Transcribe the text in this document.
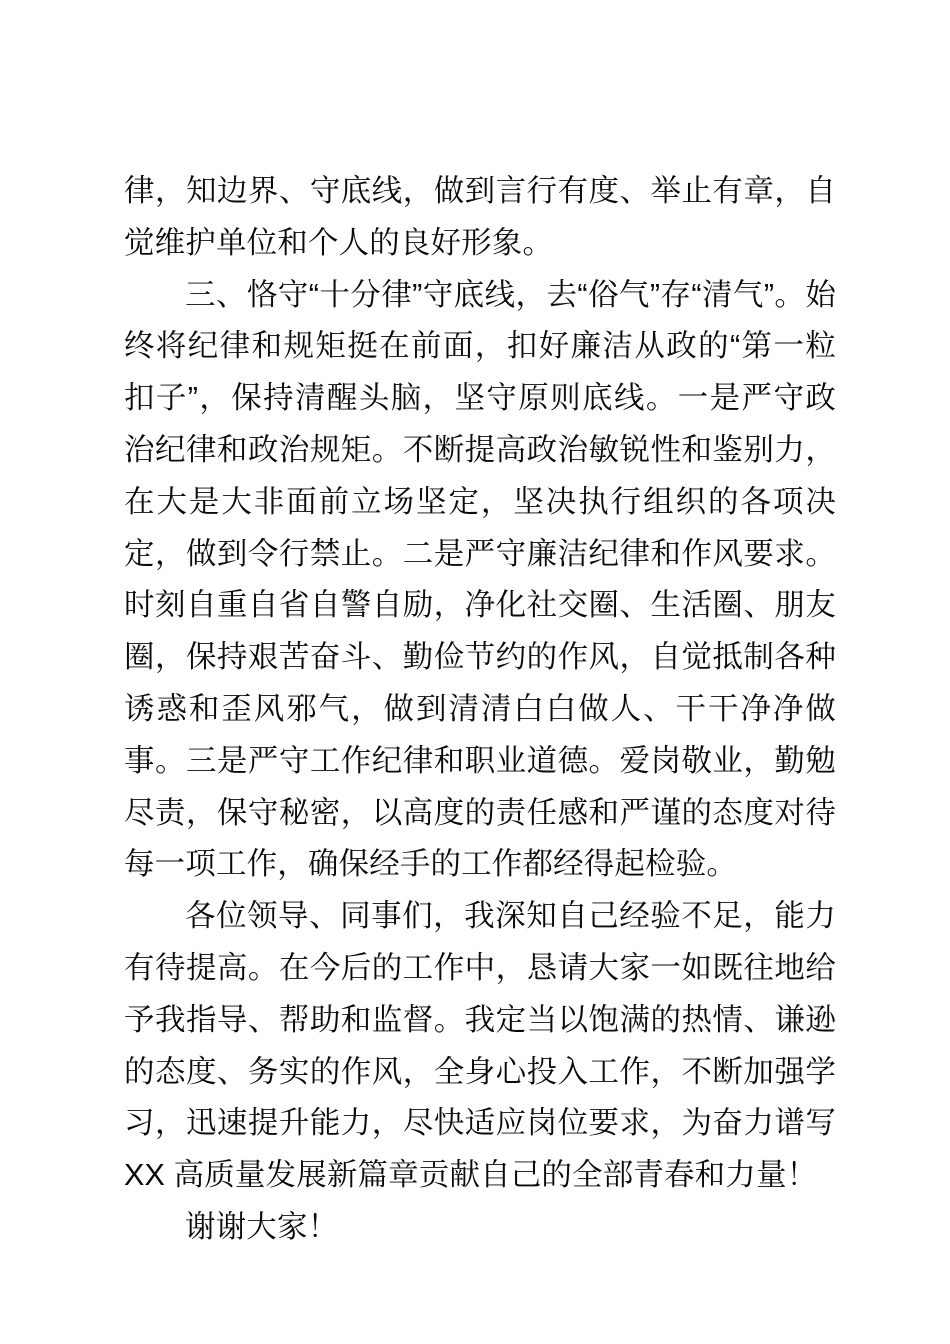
律，知边界、守底线，做到言行有度、举止有章，自觉维护单位和个人的良好形象。

三、恪守“十分律”守底线，去“俗气”存“清气”。始终将纪律和规矩挺在前面，扣好廉洁从政的“第一粒扣子”，保持清醒头脑，坚守原则底线。一是严守政治纪律和政治规矩。不断提高政治敏锐性和鉴别力，在大是大非面前立场坚定，坚决执行组织的各项决定，做到令行禁止。二是严守廉洁纪律和作风要求。时刻自重自省自警自励，净化社交圈、生活圈、朋友圈，保持艰苦奋斗、勤俭节约的作风，自觉抵制各种诱惑和歪风邪气，做到清清白白做人、干干净净做事。三是严守工作纪律和职业道德。爱岗敬业，勤勉尽责，保守秘密，以高度的责任感和严谨的态度对待每一项工作，确保经手的工作都经得起检验。

各位领导、同事们，我深知自己经验不足，能力有待提高。在今后的工作中，恳请大家一如既往地给予我指导、帮助和监督。我定当以饱满的热情、谦逊的态度、务实的作风，全身心投入工作，不断加强学习，迅速提升能力，尽快适应岗位要求，为奋力谱写 XX 高质量发展新篇章贡献自己的全部青春和力量！

谢谢大家！
